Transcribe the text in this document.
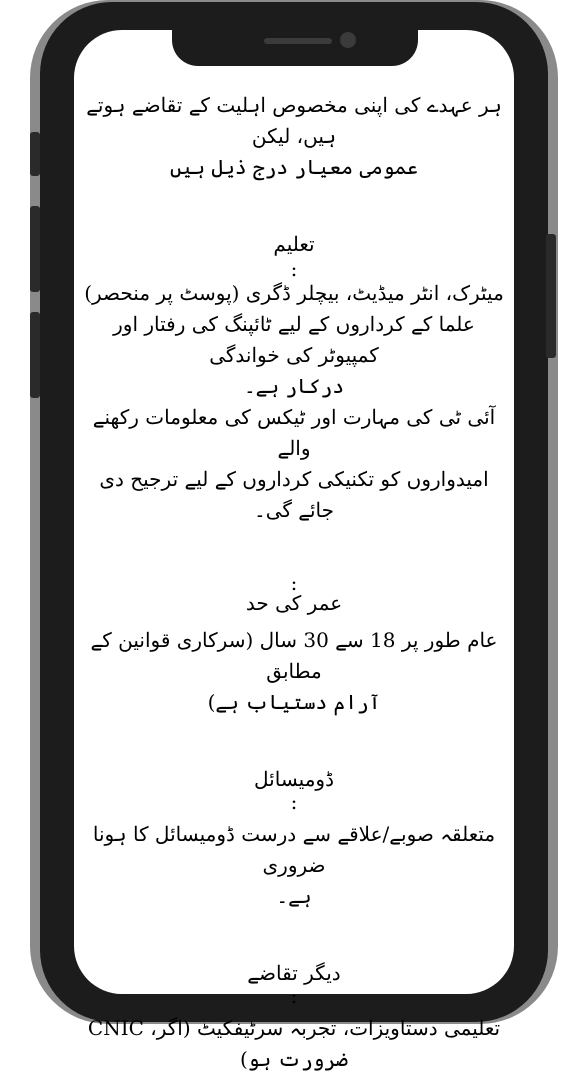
ہر عہدے کی اپنی مخصوص اہلیت کے تقاضے ہوتے ہیں، لیکن

عمومی معیار درج ذیل ہیں

تعلیم

:

میٹرک، انٹر میڈیٹ، بیچلر ڈگری (پوسٹ پر منحصر)

علما کے کرداروں کے لیے ٹائپنگ کی رفتار اور کمپیوٹر کی خواندگی

درکار ہے۔

آئی ٹی کی مہارت اور ٹیکس کی معلومات رکھنے والے

امیدواروں کو تکنیکی کرداروں کے لیے ترجیح دی جائے گی۔

:

عمر کی حد

عام طور پر 18 سے 30 سال (سرکاری قوانین کے مطابق

آرام دستیاب ہے)

ڈومیسائل

:

متعلقہ صوبے/علاقے سے درست ڈومیسائل کا ہونا ضروری

ہے۔

دیگر تقاضے

:

تعلیمی دستاویزات، تجربہ سرٹیفکیٹ (اگر، CNIC

ضرورت ہو)
